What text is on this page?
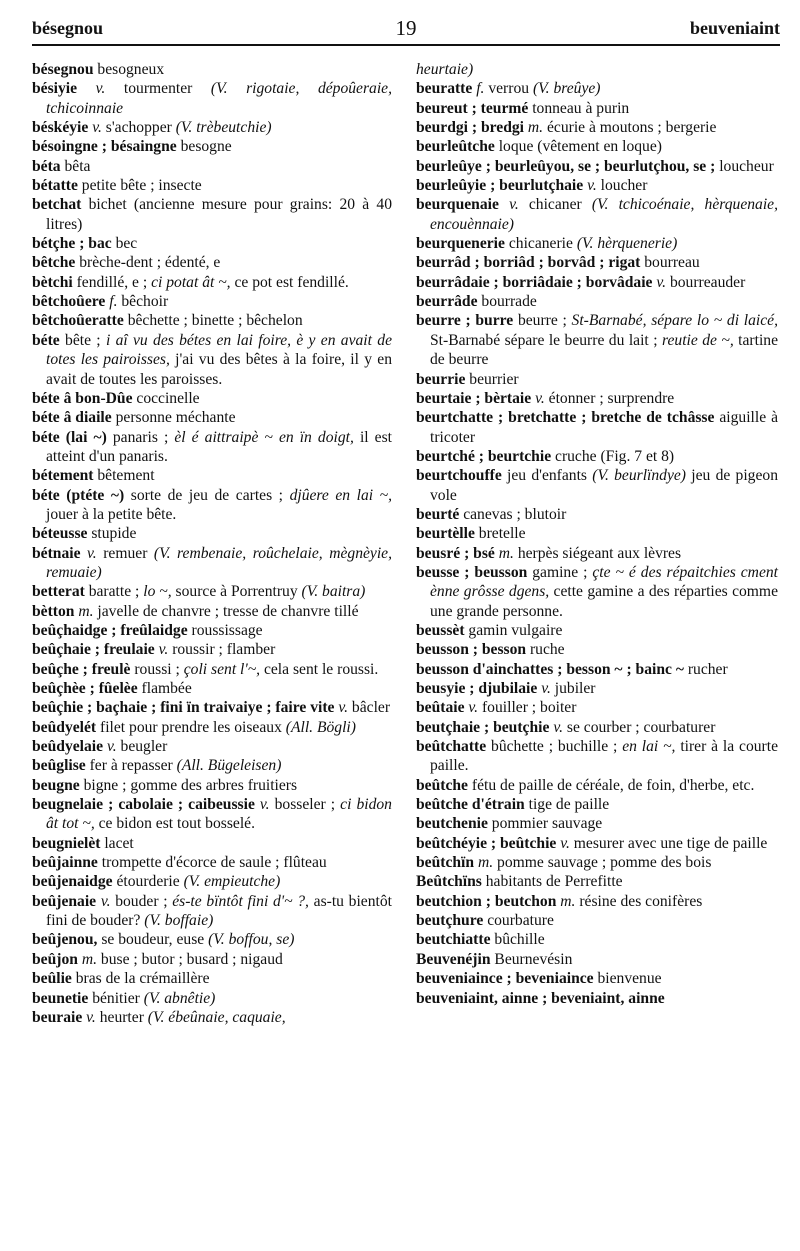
bésegnou	19	beuveniaint
bésegnou besogneux
bésiyie v. tourmenter (V. rigotaie, dépoûeraie, tchicoinnaie
béskéyie v. s'achopper (V. trèbeutchie)
bésoingne ; bésaingne besogne
béta bêta
bétatte petite bête ; insecte
betchat bichet (ancienne mesure pour grains: 20 à 40 litres)
bétçhe ; bac bec
bêtche brèche-dent ; édenté, e
bètchi fendillé, e ; ci potat ât ~, ce pot est fendillé.
bêtchoûere f. bêchoir
bêtchoûeratte bêchette ; binette ; bêchelon
béte bête ; i aî vu des bétes en lai foire, è y en avait de totes les pairoisses, j'ai vu des bêtes à la foire, il y en avait de toutes les paroisses.
béte â bon-Dûe coccinelle
béte â diaile personne méchante
béte (lai ~) panaris ; èl é aittraipè ~ en ïn doigt, il est atteint d'un panaris.
bétement bêtement
béte (ptéte ~) sorte de jeu de cartes ; djûere en lai ~, jouer à la petite bête.
béteusse stupide
bétnaie v. remuer (V. rembenaie, roûchelaie, mègnèyie, remuaie)
betterat baratte ; lo ~, source à Porrentruy (V. baitra)
bètton m. javelle de chanvre ; tresse de chanvre tillé
beûçhaidge ; freûlaidge roussissage
beûçhaie ; freulaie v. roussir ; flamber
beûçhe ; freulè roussi ; çoli sent l'~, cela sent le roussi.
beûçhèe ; fûelèe flambée
beûçhie ; baçhaie ; fini ïn traivaiye ; faire vite v. bâcler
beûdyelét filet pour prendre les oiseaux (All. Bögli)
beûdyelaie v. beugler
beûglise fer à repasser (All. Bügeleisen)
beugne bigne ; gomme des arbres fruitiers
beugnelaie ; cabolaie ; caibeussie v. bosseler ; ci bidon ât tot ~, ce bidon est tout bosselé.
beugnielèt lacet
beûjainne trompette d'écorce de saule ; flûteau
beûjenaidge étourderie (V. empieutche)
beûjenaie v. bouder ; és-te bïntôt fini d'~ ?, as-tu bientôt fini de bouder? (V. boffaie)
beûjenou, se boudeur, euse (V. boffou, se)
beûjon m. buse ; butor ; busard ; nigaud
beûlie bras de la crémaillère
beunetie bénitier (V. abnêtie)
beuraie v. heurter (V. ébeûnaie, caquaie,
heurtaie)
beuratte f. verrou (V. breûye)
beureut ; teurmé tonneau à purin
beurdgi ; bredgi m. écurie à moutons ; bergerie
beurleûtche loque (vêtement en loque)
beurleûye ; beurleûyou, se ; beurlutçhou, se ; loucheur
beurleûyie ; beurlutçhaie v. loucher
beurquenaie v. chicaner (V. tchicoénaie, hèrquenaie, encouènnaie)
beurquenerie chicanerie (V. hèrquenerie)
beurrâd ; borriâd ; borvâd ; rigat bourreau
beurrâdaie ; borriâdaie ; borvâdaie v. bourreauder
beurrâde bourrade
beurre ; burre beurre ; St-Barnabé, sépare lo ~ di laicé, St-Barnabé sépare le beurre du lait ; reutie de ~, tartine de beurre
beurrie beurrier
beurtaie ; bèrtaie v. étonner ; surprendre
beurtchatte ; bretchatte ; bretche de tchâsse aiguille à tricoter
beurtché ; beurtchie cruche (Fig. 7 et 8)
beurtchouffe jeu d'enfants (V. beurlïndye) jeu de pigeon vole
beurté canevas ; blutoir
beurtèlle bretelle
beusré ; bsé m. herpès siégeant aux lèvres
beusse ; beusson gamine ; çte ~ é des répaitchies cment ènne grôsse dgens, cette gamine a des réparties comme une grande personne.
beussèt gamin vulgaire
beusson ; besson ruche
beusson d'ainchattes ; besson ~ ; bainc ~ rucher
beusyie ; djubilaie v. jubiler
beûtaie v. fouiller ; boiter
beutçhaie ; beutçhie v. se courber ; courbaturer
beûtchatte bûchette ; buchille ; en lai ~, tirer à la courte paille.
beûtche fétu de paille de céréale, de foin, d'herbe, etc.
beûtche d'étrain tige de paille
beutchenie pommier sauvage
beûtchéyie ; beûtchie v. mesurer avec une tige de paille
beûtchïn m. pomme sauvage ; pomme des bois
Beûtchïns habitants de Perrefitte
beutchion ; beutchon m. résine des conifères
beutçhure courbature
beutchiatte bûchille
Beuvenéjin Beurnevésin
beuveniaince ; beveniaince bienvenue
beuveniaint, ainne ; beveniaint, ainne
